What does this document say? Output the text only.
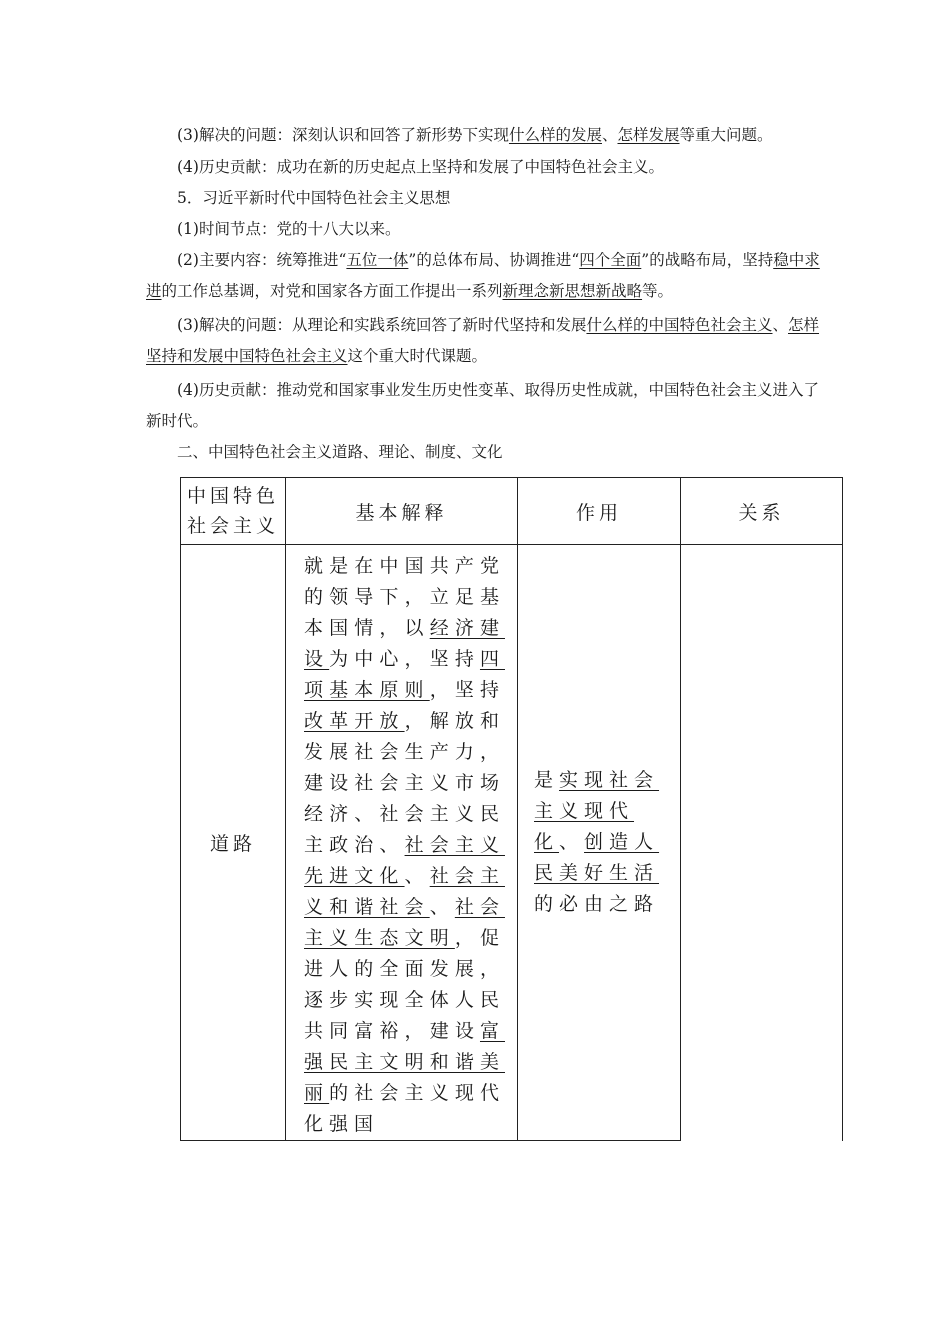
(3)解决的问题：深刻认识和回答了新形势下实现什么样的发展、怎样发展等重大问题。

(4)历史贡献：成功在新的历史起点上坚持和发展了中国特色社会主义。

5．习近平新时代中国特色社会主义思想

(1)时间节点：党的十八大以来。

(2)主要内容：统筹推进“五位一体”的总体布局、协调推进“四个全面”的战略布局，坚持稳中求进的工作总基调，对党和国家各方面工作提出一系列新理念新思想新战略等。

(3)解决的问题：从理论和实践系统回答了新时代坚持和发展什么样的中国特色社会主义、怎样坚持和发展中国特色社会主义这个重大时代课题。

(4)历史贡献：推动党和国家事业发生历史性变革、取得历史性成就，中国特色社会主义进入了新时代。

二、中国特色社会主义道路、理论、制度、文化

中国特色社会主义	基本解释	作用	关系
道路	就是在中国共产党的领导下，立足基本国情，以经济建设为中心，坚持四项基本原则，坚持改革开放，解放和发展社会生产力，建设社会主义市场经济、社会主义民主政治、社会主义先进文化、社会主义和谐社会、社会主义生态文明，促进人的全面发展，逐步实现全体人民共同富裕，建设富强民主文明和谐美丽的社会主义现代化强国	是实现社会主义现代化、创造人民美好生活的必由之路	
